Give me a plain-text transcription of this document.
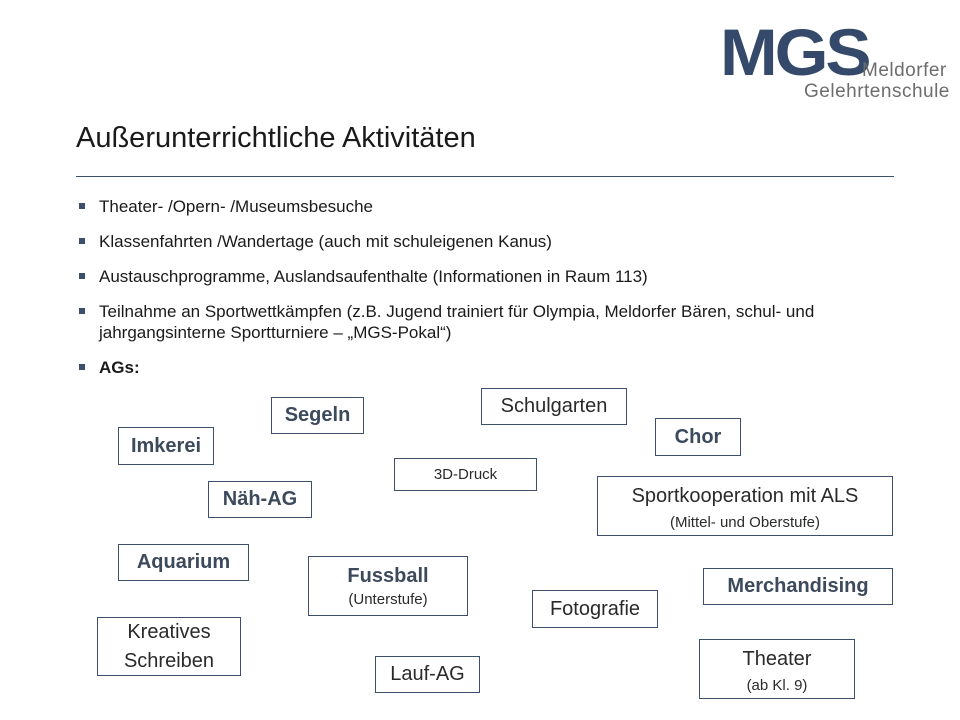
MGS
Meldorfer
Gelehrtenschule
Außerunterrichtliche Aktivitäten
Theater- /Opern- /Museumsbesuche
Klassenfahrten /Wandertage (auch mit schuleigenen Kanus)
Austauschprogramme, Auslandsaufenthalte (Informationen in Raum 113)
Teilnahme an Sportwettkämpfen (z.B. Jugend trainiert für Olympia, Meldorfer Bären, schul- und jahrgangsinterne Sportturniere – „MGS-Pokal“)
AGs:
Segeln	Schulgarten
Imkerei	Chor
3D-Druck
Näh-AG	Sportkooperation mit ALS
(Mittel- und Oberstufe)
Aquarium
Fussball
(Unterstufe)
Merchandising
Fotografie
Kreatives
Schreiben
Lauf-AG
Theater
(ab Kl. 9)
